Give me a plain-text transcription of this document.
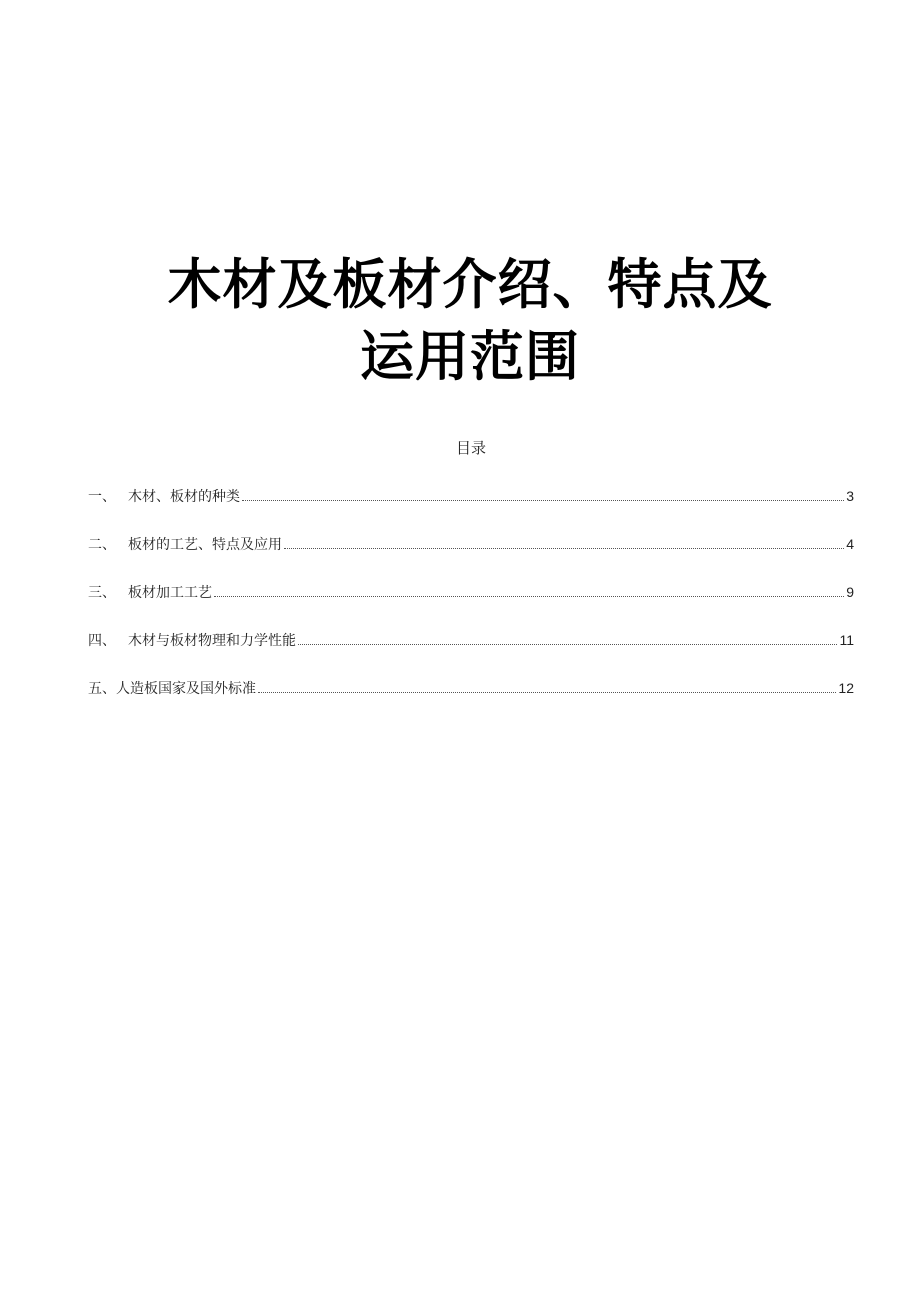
木材及板材介绍、特点及
运用范围
目录
一、 木材、板材的种类	3
二、 板材的工艺、特点及应用	4
三、 板材加工工艺	9
四、 木材与板材物理和力学性能	11
五、 人造板国家及国外标准	12
